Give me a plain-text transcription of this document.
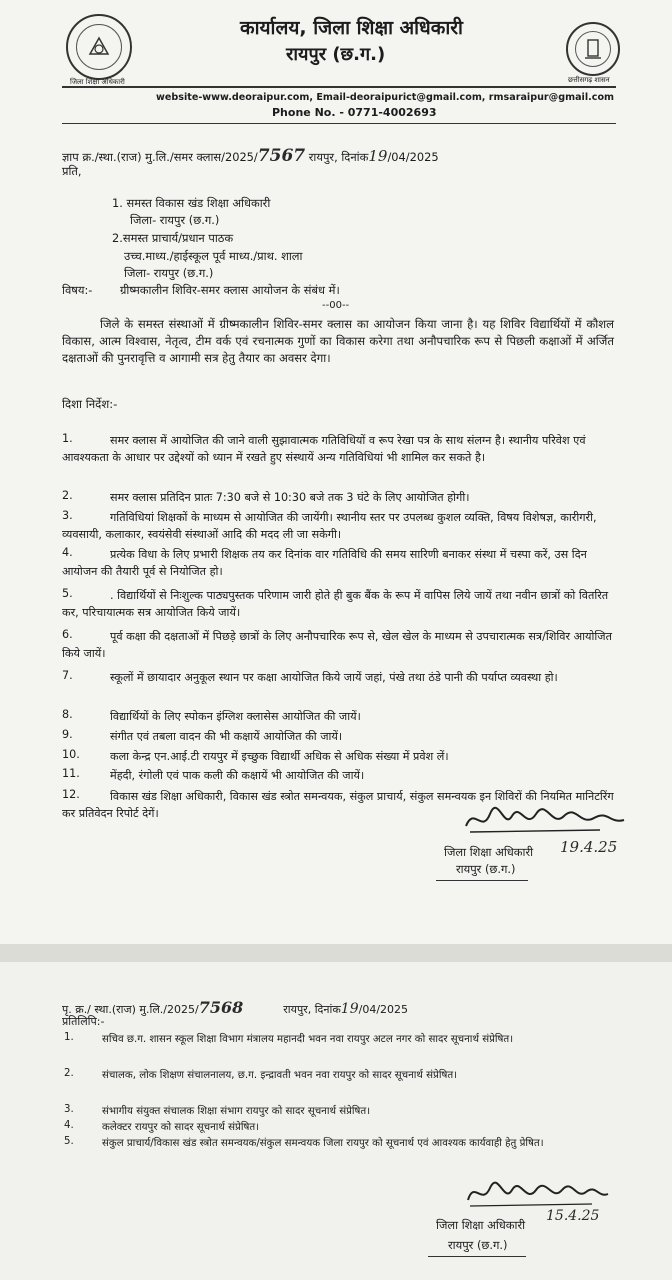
जिला शिक्षा अधिकारी
कार्यालय, जिला शिक्षा अधिकारी
रायपुर (छ.ग.)
छत्तीसगढ़ शासन
website-www.deoraipur.com, Email-deoraipurict@gmail.com, rmsaraipur@gmail.com
Phone No. - 0771-4002693
ज्ञाप क्र./स्था.(राज) मु.लि./समर क्लास/2025/7567 रायपुर, दिनांक19/04/2025
प्रति,
1. समस्त विकास खंड शिक्षा अधिकारी
जिला- रायपुर (छ.ग.)
2.समस्त प्राचार्य/प्रधान पाठक
उच्च.माध्य./हाईस्कूल पूर्व माध्य./प्राथ. शाला
जिला- रायपुर (छ.ग.)
विषय:- ग्रीष्मकालीन शिविर-समर क्लास आयोजन के संबंध में।
--00--
जिले के समस्त संस्थाओं में ग्रीष्मकालीन शिविर-समर क्लास का आयोजन किया जाना है। यह शिविर विद्यार्थियों में कौशल विकास, आत्म विश्वास, नेतृत्व, टीम वर्क एवं रचनात्मक गुणों का विकास करेगा तथा अनौपचारिक रूप से पिछली कक्षाओं में अर्जित दक्षताओं की पुनरावृत्ति व आगामी सत्र हेतु तैयार का अवसर देगा।
दिशा निर्देश:-
1.	समर क्लास में आयोजित की जाने वाली सुझावात्मक गतिविधियों व रूप रेखा पत्र के साथ संलग्न है। स्थानीय परिवेश एवं आवश्यकता के आधार पर उद्देश्यों को ध्यान में रखते हुए संस्थायें अन्य गतिविधियां भी शामिल कर सकते है।
2.	समर क्लास प्रतिदिन प्रातः 7:30 बजे से 10:30 बजे तक 3 घंटे के लिए आयोजित होगी।
3.	गतिविधियां शिक्षकों के माध्यम से आयोजित की जायेंगी। स्थानीय स्तर पर उपलब्ध कुशल व्यक्ति, विषय विशेषज्ञ, कारीगरी, व्यवसायी, कलाकार, स्वयंसेवी संस्थाओं आदि की मदद ली जा सकेगी।
4.	प्रत्येक विधा के लिए प्रभारी शिक्षक तय कर दिनांक वार गतिविधि की समय सारिणी बनाकर संस्था में चस्पा करें, उस दिन आयोजन की तैयारी पूर्व से नियोजित हो।
5.	. विद्यार्थियों से निःशुल्क पाठ्यपुस्तक परिणाम जारी होते ही बुक बैंक के रूप में वापिस लिये जायें तथा नवीन छात्रों को वितरित कर, परिचायात्मक सत्र आयोजित किये जायें।
6.	पूर्व कक्षा की दक्षताओं में पिछड़े छात्रों के लिए अनौपचारिक रूप से, खेल खेल के माध्यम से उपचारात्मक सत्र/शिविर आयोजित किये जायें।
7.	स्कूलों में छायादार अनुकूल स्थान पर कक्षा आयोजित किये जायें जहां, पंखे तथा ठंडे पानी की पर्याप्त व्यवस्था हो।
8.	विद्यार्थियों के लिए स्पोकन इंग्लिश क्लासेस आयोजित की जायें।
9.	संगीत एवं तबला वादन की भी कक्षायें आयोजित की जायें।
10.	कला केन्द्र एन.आई.टी रायपुर में इच्छुक विद्यार्थी अधिक से अधिक संख्या में प्रवेश लें।
11.	मेंहदी, रंगोली एवं पाक कली की कक्षायें भी आयोजित की जायें।
12.	विकास खंड शिक्षा अधिकारी, विकास खंड स्त्रोत समन्वयक, संकुल प्राचार्य, संकुल समन्वयक इन शिविरों की नियमित मानिटरिंग कर प्रतिवेदन रिपोर्ट देगें।
जिला शिक्षा अधिकारी 19.4.25
रायपुर (छ.ग.)
पृ. क्र./ स्था.(राज) मु.लि./2025/7568	रायपुर, दिनांक19/04/2025
प्रतिलिपि:-
1.	सचिव छ.ग. शासन स्कूल शिक्षा विभाग मंत्रालय महानदी भवन नवा रायपुर अटल नगर को सादर सूचनार्थ संप्रेषित।
2.	संचालक, लोक शिक्षण संचालनालय, छ.ग. इन्द्रावती भवन नवा रायपुर को सादर सूचनार्थ संप्रेषित।
3.	संभागीय संयुक्त संचालक शिक्षा संभाग रायपुर को सादर सूचनार्थ संप्रेषित।
4.	कलेक्टर रायपुर को सादर सूचनार्थ संप्रेषित।
5.	संकुल प्राचार्य/विकास खंड स्त्रोत समन्वयक/संकुल समन्वयक जिला रायपुर को सूचनार्थ एवं आवश्यक कार्यवाही हेतु प्रेषित।
15.4.25
जिला शिक्षा अधिकारी
रायपुर (छ.ग.)
